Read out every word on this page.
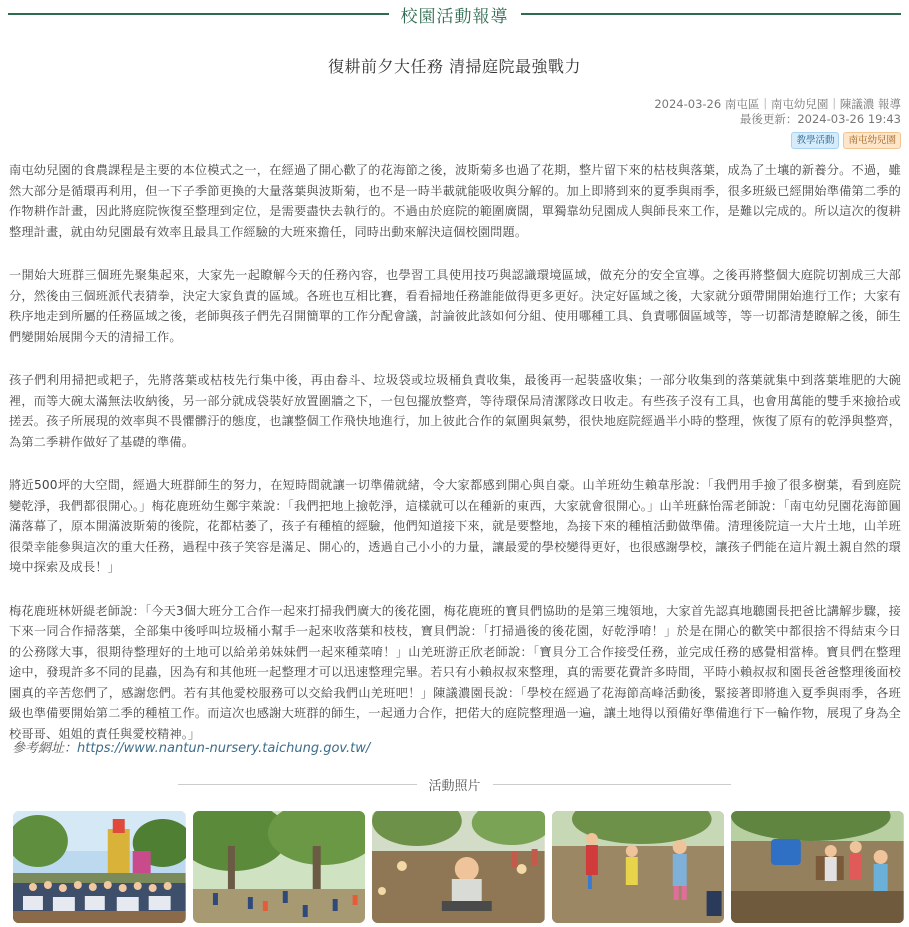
校園活動報導
復耕前夕大任務 清掃庭院最強戰力
2024-03-26 南屯區｜南屯幼兒園｜陳議濃 報導
最後更新：2024-03-26 19:43
教學活動	南屯幼兒園

南屯幼兒園的食農課程是主要的本位模式之一，在經過了開心歡了的花海節之後，波斯菊多也過了花期，整片留下來的枯枝與落葉，成為了土壤的新養分。不過，雖然大部分是循環再利用，但一下子季節更換的大量落葉與波斯菊，也不是一時半載就能吸收與分解的。加上即將到來的夏季與雨季，很多班級已經開始準備第二季的作物耕作計畫，因此將庭院恢復至整理到定位，是需要盡快去執行的。不過由於庭院的範圍廣闊，單獨靠幼兒園成人與師長來工作，是難以完成的。所以這次的復耕整理計畫，就由幼兒園最有效率且最具工作經驗的大班來擔任，同時出動來解決這個校園問題。

一開始大班群三個班先聚集起來，大家先一起瞭解今天的任務內容，也學習工具使用技巧與認識環境區域，做充分的安全宣導。之後再將整個大庭院切割成三大部分，然後由三個班派代表猜拳，決定大家負責的區域。各班也互相比賽，看看掃地任務誰能做得更多更好。決定好區域之後，大家就分頭帶開開始進行工作；大家有秩序地走到所屬的任務區域之後，老師與孩子們先召開簡單的工作分配會議，討論彼此該如何分組、使用哪種工具、負責哪個區域等，等一切都清楚瞭解之後，師生們變開始展開今天的清掃工作。

孩子們利用掃把或耙子，先將落葉或枯枝先行集中後，再由畚斗、垃圾袋或垃圾桶負責收集，最後再一起裝盛收集；一部分收集到的落葉就集中到落葉堆肥的大碗裡，而等大碗太滿無法收納後，另一部分就成袋裝好放置圍牆之下，一包包擺放整齊，等待環保局清潔隊改日收走。有些孩子沒有工具，也會用萬能的雙手來撿拾或搓丟。孩子所展現的效率與不畏懼髒汙的態度，也讓整個工作飛快地進行，加上彼此合作的氣圍與氣勢，很快地庭院經過半小時的整理，恢復了原有的乾淨與整齊，為第二季耕作做好了基礎的準備。

將近500坪的大空間，經過大班群師生的努力，在短時間就讓一切準備就緒，令大家都感到開心與自豪。山羊班幼生賴韋彤說：「我們用手撿了很多樹葉，看到庭院變乾淨，我們都很開心。」梅花鹿班幼生鄭宇萊說：「我們把地上撿乾淨，這樣就可以在種新的東西，大家就會很開心。」山羊班蘇怡霈老師說：「南屯幼兒園花海節圓滿落幕了，原本開滿波斯菊的後院，花都枯萎了，孩子有種植的經驗，他們知道接下來，就是要整地，為接下來的種植活動做準備。清理後院這一大片土地，山羊班很榮幸能參與這次的重大任務，過程中孩子笑容是滿足、開心的，透過自己小小的力量，讓最愛的學校變得更好，也很感謝學校，讓孩子們能在這片親土親自然的環境中探索及成長！」

梅花鹿班林妍緹老師說：「今天3個大班分工合作一起來打掃我們廣大的後花園，梅花鹿班的寶貝們協助的是第三塊領地，大家首先認真地聽園長把爸比講解步驟，接下來一同合作掃落葉，全部集中後呼叫垃圾桶小幫手一起來收落葉和枝枝，寶貝們說：「打掃過後的後花園，好乾淨唷！」於是在開心的歡笑中都很捨不得結束今日的公務隊大事，很期待整理好的土地可以給弟弟妹妹們一起來種菜唷！」山羌班游正欣老師說：「寶貝分工合作接受任務，並完成任務的感覺相當棒。寶貝們在整理途中，發現許多不同的昆蟲，因為有和其他班一起整理才可以迅速整理完畢。若只有小賴叔叔來整理，真的需要花費許多時間，平時小賴叔叔和園長爸爸整理後面校園真的辛苦您們了，感謝您們。若有其他愛校服務可以交給我們山羌班吧！」陳議濃園長說：「學校在經過了花海節高峰活動後，緊接著即將進入夏季與雨季，各班級也準備要開始第二季的種植工作。而這次也感謝大班群的師生，一起通力合作，把偌大的庭院整理過一遍，讓土地得以預備好準備進行下一輪作物，展現了身為全校哥哥、姐姐的責任與愛校精神。」

參考網址：https://www.nantun-nursery.taichung.gov.tw/
活動照片
